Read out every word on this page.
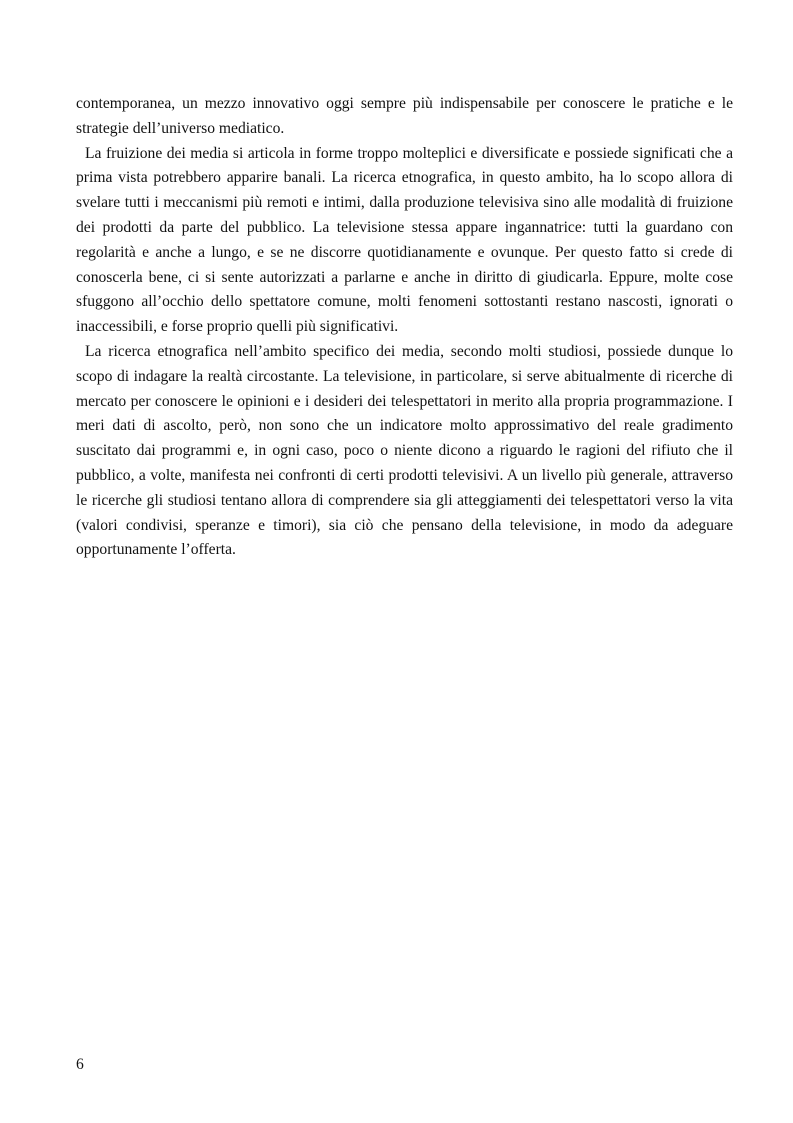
contemporanea, un mezzo innovativo oggi sempre più indispensabile per conoscere le pratiche e le strategie dell’universo mediatico.

La fruizione dei media si articola in forme troppo molteplici e diversificate e possiede significati che a prima vista potrebbero apparire banali. La ricerca etnografica, in questo ambito, ha lo scopo allora di svelare tutti i meccanismi più remoti e intimi, dalla produzione televisiva sino alle modalità di fruizione dei prodotti da parte del pubblico. La televisione stessa appare ingannatrice: tutti la guardano con regolarità e anche a lungo, e se ne discorre quotidianamente e ovunque. Per questo fatto si crede di conoscerla bene, ci si sente autorizzati a parlarne e anche in diritto di giudicarla. Eppure, molte cose sfuggono all’occhio dello spettatore comune, molti fenomeni sottostanti restano nascosti, ignorati o inaccessibili, e forse proprio quelli più significativi.

La ricerca etnografica nell’ambito specifico dei media, secondo molti studiosi, possiede dunque lo scopo di indagare la realtà circostante. La televisione, in particolare, si serve abitualmente di ricerche di mercato per conoscere le opinioni e i desideri dei telespettatori in merito alla propria programmazione. I meri dati di ascolto, però, non sono che un indicatore molto approssimativo del reale gradimento suscitato dai programmi e, in ogni caso, poco o niente dicono a riguardo le ragioni del rifiuto che il pubblico, a volte, manifesta nei confronti di certi prodotti televisivi. A un livello più generale, attraverso le ricerche gli studiosi tentano allora di comprendere sia gli atteggiamenti dei telespettatori verso la vita (valori condivisi, speranze e timori), sia ciò che pensano della televisione, in modo da adeguare opportunamente l’offerta.

6
